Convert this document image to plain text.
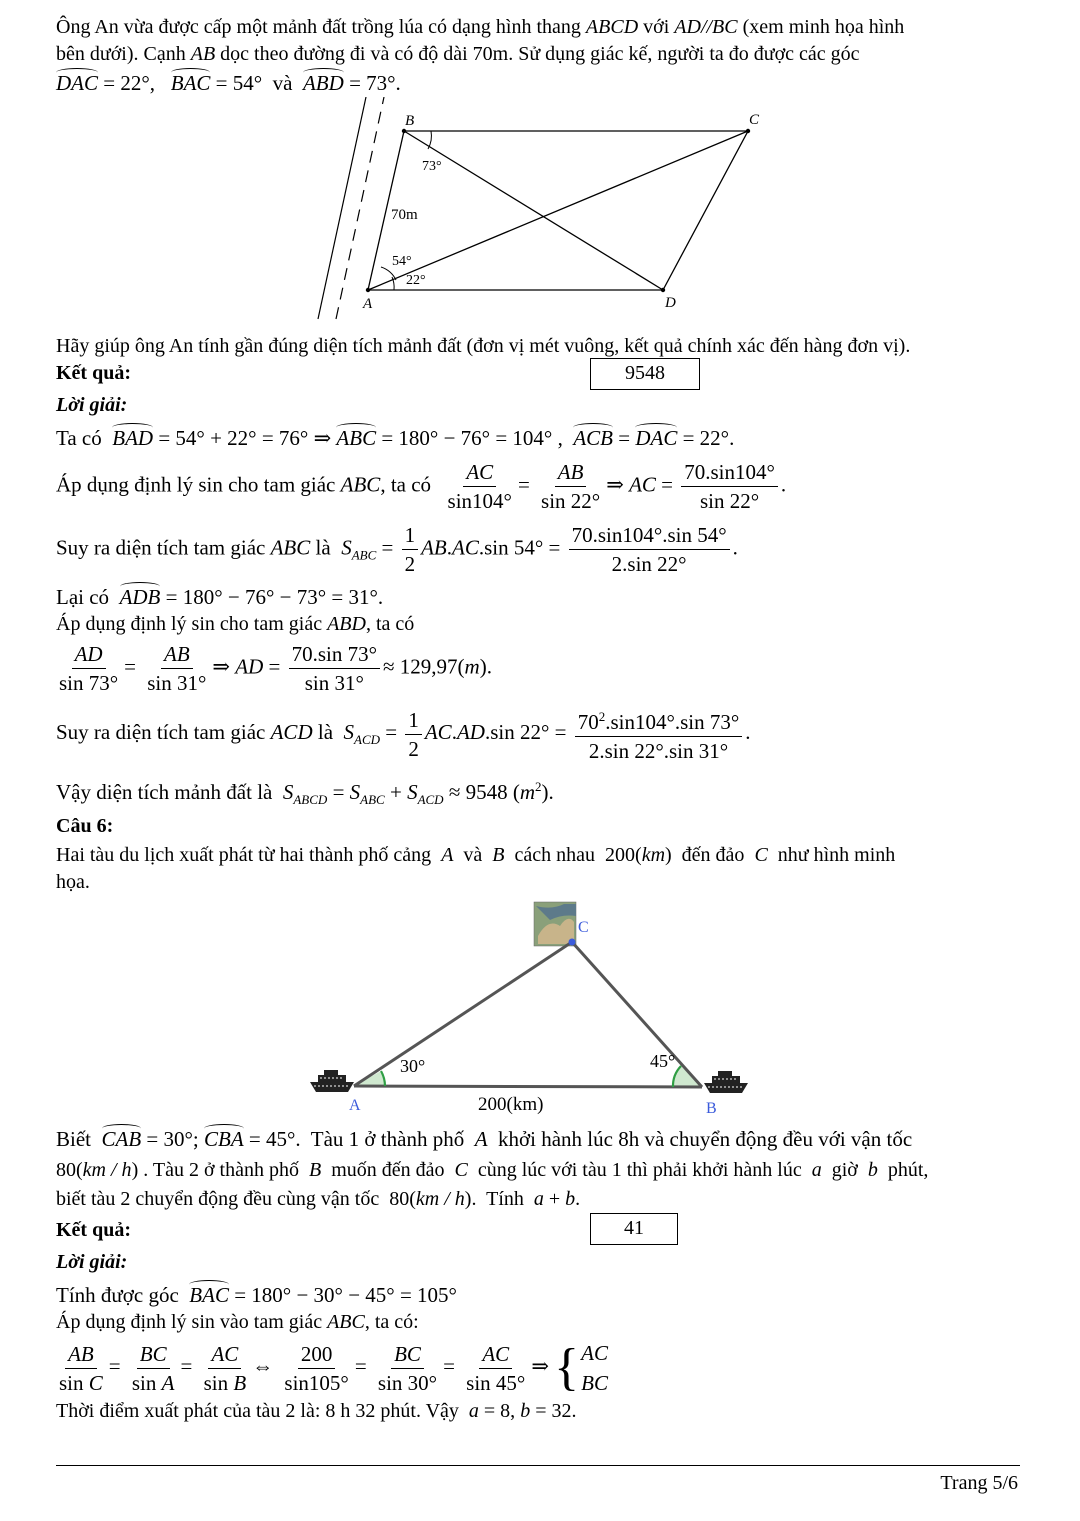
Ông An vừa được cấp một mảnh đất trồng lúa có dạng hình thang ABCD với AD//BC (xem minh họa hình

bên dưới). Cạnh AB dọc theo đường đi và có độ dài 70m. Sử dụng giác kế, người ta đo được các góc

DAC = 22°,   BAC = 54°  và  ABD = 73°.

B	C
A	D
70m
73°
54°
22°

Hãy giúp ông An tính gần đúng diện tích mảnh đất (đơn vị mét vuông, kết quả chính xác đến hàng đơn vị).

Kết quả:	9548

Lời giải:

Ta có  BAD = 54° + 22° = 76° ⇒ ABC = 180° − 76° = 104° ,  ACB = DAC = 22°.

Áp dụng định lý sin cho tam giác ABC, ta có $\frac{AC}{\sin 104^\circ} = \frac{AB}{\sin 22^\circ}$ ⇒ AC = $\frac{70.\sin 104^\circ}{\sin 22^\circ}$ .

Suy ra diện tích tam giác ABC là  $S_{ABC} = \frac{1}{2} AB.AC.\sin$ $54^\circ = \frac{70.\sin 104^\circ.\sin 54^\circ}{2.\sin 22^\circ}$ .

Lại có  ADB = 180° − 76° − 73° = 31°.

Áp dụng định lý sin cho tam giác ABD, ta có

$\frac{AD}{\sin 73^\circ} = \frac{AB}{\sin 31^\circ}$ ⇒ AD = $\frac{70.\sin 73^\circ}{\sin 31^\circ} \approx 129,97(m)$.

Suy ra diện tích tam giác ACD là  $S_{ACD} = \frac{1}{2} AC.AD.\sin$ $22^\circ = \frac{70^2.\sin 104^\circ.\sin 73^\circ}{2.\sin 22^\circ.\sin 31^\circ}$ .

Vậy diện tích mảnh đất là  $S_{ABCD} = S_{ABC} + S_{ACD} \approx 9548$ $(m^2)$.

Câu 6:

Hai tàu du lịch xuất phát từ hai thành phố cảng  A  và  B  cách nhau  200(km)  đến đảo  C  như hình minh

họa.

C
A	B
30°	45°
200(km)

Biết  CAB = 30°; CBA = 45°.  Tàu 1 ở thành phố  A  khởi hành lúc 8h và chuyển động đều với vận tốc

80(km / h) . Tàu 2 ở thành phố  B  muốn đến đảo  C  cùng lúc với tàu 1 thì phải khởi hành lúc  a  giờ  b  phút,

biết tàu 2 chuyển động đều cùng vận tốc  80(km / h).  Tính  a + b.

Kết quả:	41

Lời giải:

Tính được góc  BAC = 180° − 30° − 45° = 105°

Áp dụng định lý sin vào tam giác ABC, ta có:

$\frac{AB}{\text{sin C}} = \frac{BC}{\text{sin A}} = \frac{AC}{\text{sin B}}$ ⇔ $\frac{200}{\sin 105^\circ} = \frac{BC}{\sin 30^\circ} = \frac{AC}{\sin 45^\circ}$ ⇒ { AC
BC

Thời điểm xuất phát của tàu 2 là: 8 h 32 phút. Vậy  a = 8, b = 32.

Trang 5/6
